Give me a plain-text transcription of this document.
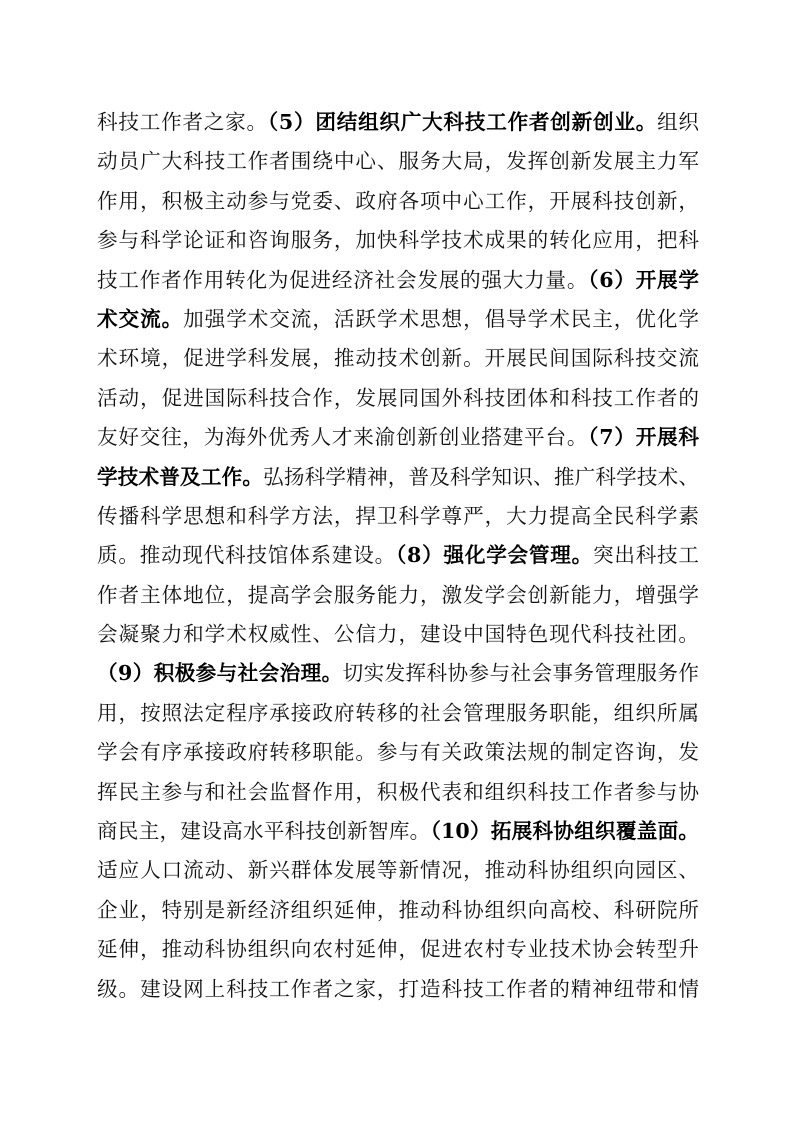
科技工作者之家。（5）团结组织广大科技工作者创新创业。组织
动员广大科技工作者围绕中心、服务大局，发挥创新发展主力军
作用，积极主动参与党委、政府各项中心工作，开展科技创新，
参与科学论证和咨询服务，加快科学技术成果的转化应用，把科
技工作者作用转化为促进经济社会发展的强大力量。（6）开展学
术交流。加强学术交流，活跃学术思想，倡导学术民主，优化学
术环境，促进学科发展，推动技术创新。开展民间国际科技交流
活动，促进国际科技合作，发展同国外科技团体和科技工作者的
友好交往，为海外优秀人才来渝创新创业搭建平台。（7）开展科
学技术普及工作。弘扬科学精神，普及科学知识、推广科学技术、
传播科学思想和科学方法，捍卫科学尊严，大力提高全民科学素
质。推动现代科技馆体系建设。（8）强化学会管理。突出科技工
作者主体地位，提高学会服务能力，激发学会创新能力，增强学
会凝聚力和学术权威性、公信力，建设中国特色现代科技社团。
（9）积极参与社会治理。切实发挥科协参与社会事务管理服务作
用，按照法定程序承接政府转移的社会管理服务职能，组织所属
学会有序承接政府转移职能。参与有关政策法规的制定咨询，发
挥民主参与和社会监督作用，积极代表和组织科技工作者参与协
商民主，建设高水平科技创新智库。（10）拓展科协组织覆盖面。
适应人口流动、新兴群体发展等新情况，推动科协组织向园区、
企业，特别是新经济组织延伸，推动科协组织向高校、科研院所
延伸，推动科协组织向农村延伸，促进农村专业技术协会转型升
级。建设网上科技工作者之家，打造科技工作者的精神纽带和情
